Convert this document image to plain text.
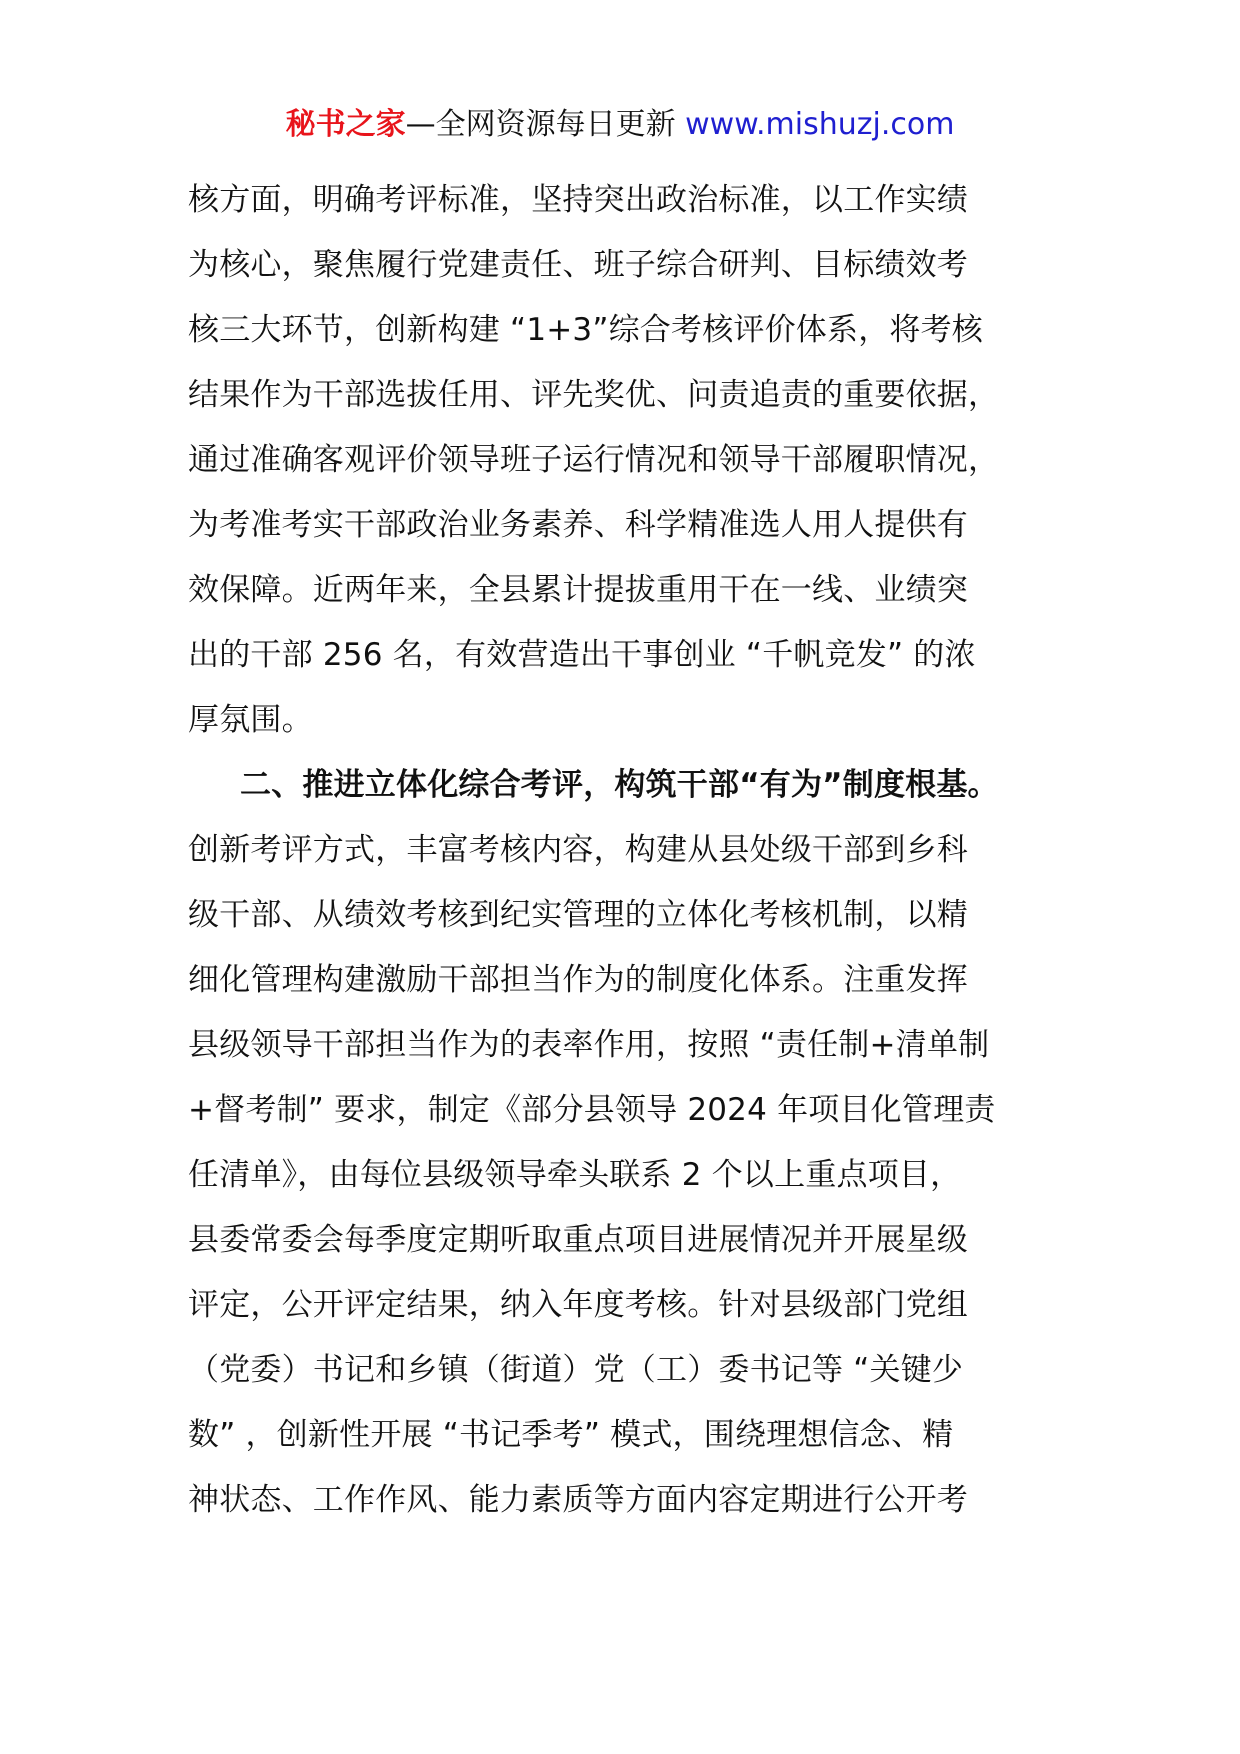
秘书之家—全网资源每日更新 www.mishuzj.com
核方面，明确考评标准，坚持突出政治标准，以工作实绩
为核心，聚焦履行党建责任、班子综合研判、目标绩效考
核三大环节，创新构建 “1+3”综合考核评价体系，将考核
结果作为干部选拔任用、评先奖优、问责追责的重要依据，
通过准确客观评价领导班子运行情况和领导干部履职情况，
为考准考实干部政治业务素养、科学精准选人用人提供有
效保障。近两年来，全县累计提拔重用干在一线、业绩突
出的干部 256 名，有效营造出干事创业 “千帆竞发” 的浓
厚氛围。
二、推进立体化综合考评，构筑干部“有为”制度根基。
创新考评方式，丰富考核内容，构建从县处级干部到乡科
级干部、从绩效考核到纪实管理的立体化考核机制，以精
细化管理构建激励干部担当作为的制度化体系。注重发挥
县级领导干部担当作为的表率作用，按照 “责任制+清单制
+督考制” 要求，制定《部分县领导 2024 年项目化管理责
任清单》，由每位县级领导牵头联系 2 个以上重点项目，
县委常委会每季度定期听取重点项目进展情况并开展星级
评定，公开评定结果，纳入年度考核。针对县级部门党组
（党委）书记和乡镇（街道）党（工）委书记等 “关键少
数” ，创新性开展 “书记季考” 模式，围绕理想信念、精
神状态、工作作风、能力素质等方面内容定期进行公开考
